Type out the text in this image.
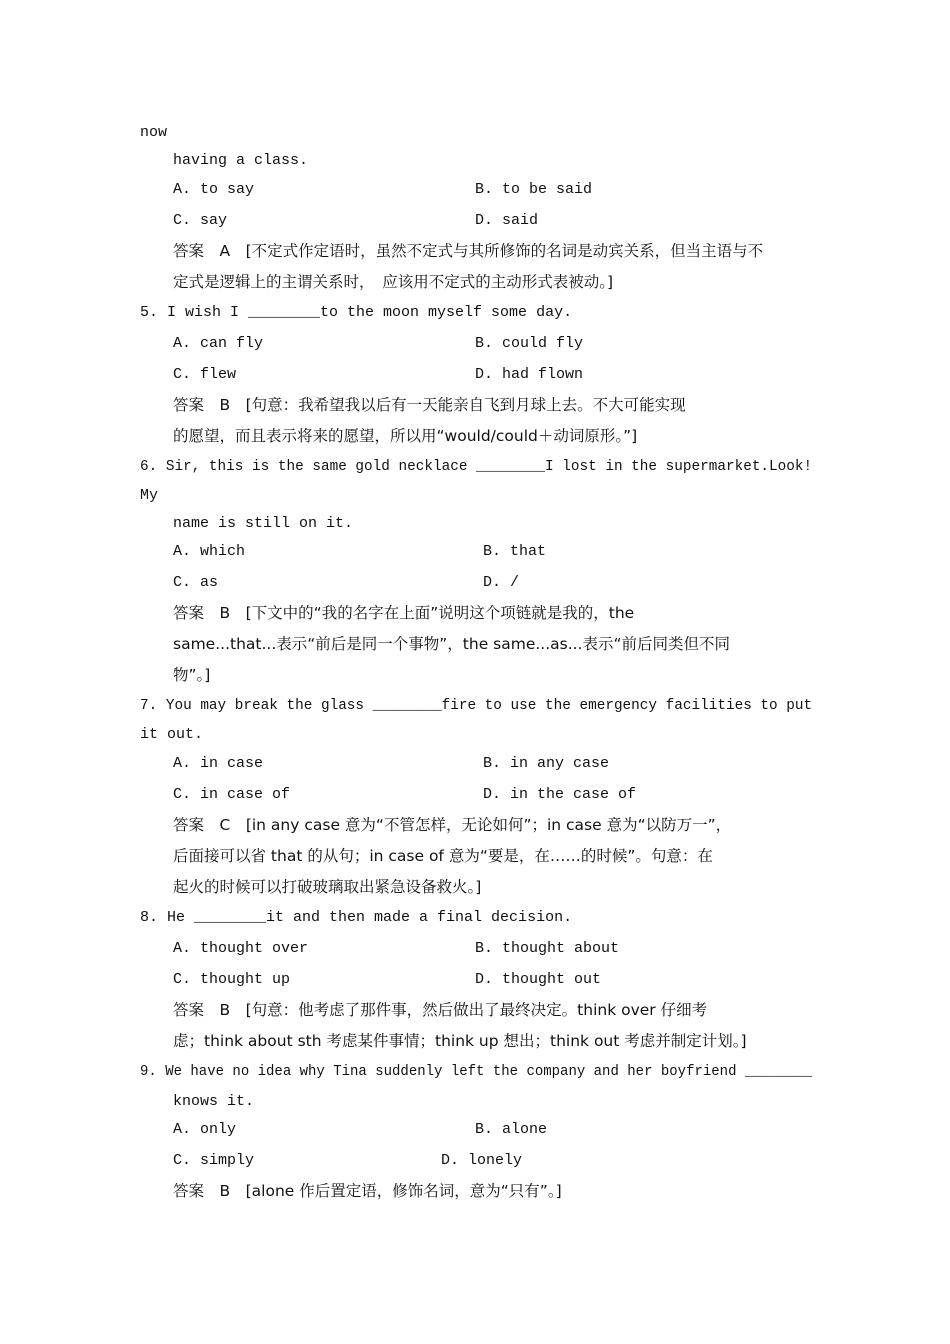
now
having a class.
A. to say	B. to be said
C. say	D. said
答案　A　[不定式作定语时，虽然不定式与其所修饰的名词是动宾关系，但当主语与不
定式是逻辑上的主谓关系时，　应该用不定式的主动形式表被动。]
5. I wish I ________to the moon myself some day.
A. can fly	B. could fly
C. flew	D. had flown
答案　B　[句意：我希望我以后有一天能亲自飞到月球上去。不大可能实现
的愿望，而且表示将来的愿望，所以用“would/could＋动词原形。”]
6. Sir, this is the same gold necklace ________I lost in the supermarket.Look!
My
name is still on it.
A. which	B. that
C. as	D. /
答案　B　[下文中的“我的名字在上面”说明这个项链就是我的，the
same...that...表示“前后是同一个事物”，the same...as...表示“前后同类但不同
物”。]
7. You may break the glass ________fire to use the emergency facilities to put
it out.
A. in case	B. in any case
C. in case of	D. in the case of
答案　C　[in any case 意为“不管怎样，无论如何”；in case 意为“以防万一”，
后面接可以省 that 的从句；in case of 意为“要是，在……的时候”。句意：在
起火的时候可以打破玻璃取出紧急设备救火。]
8. He ________it and then made a final decision.
A. thought over	B. thought about
C. thought up	D. thought out
答案　B　[句意：他考虑了那件事，然后做出了最终决定。think over 仔细考
虑；think about sth 考虑某件事情；think up 想出；think out 考虑并制定计划。]
9. We have no idea why Tina suddenly left the company and her boyfriend ________
knows it.
A. only	B. alone
C. simply	D. lonely
答案　B　[alone 作后置定语，修饰名词，意为“只有”。]
